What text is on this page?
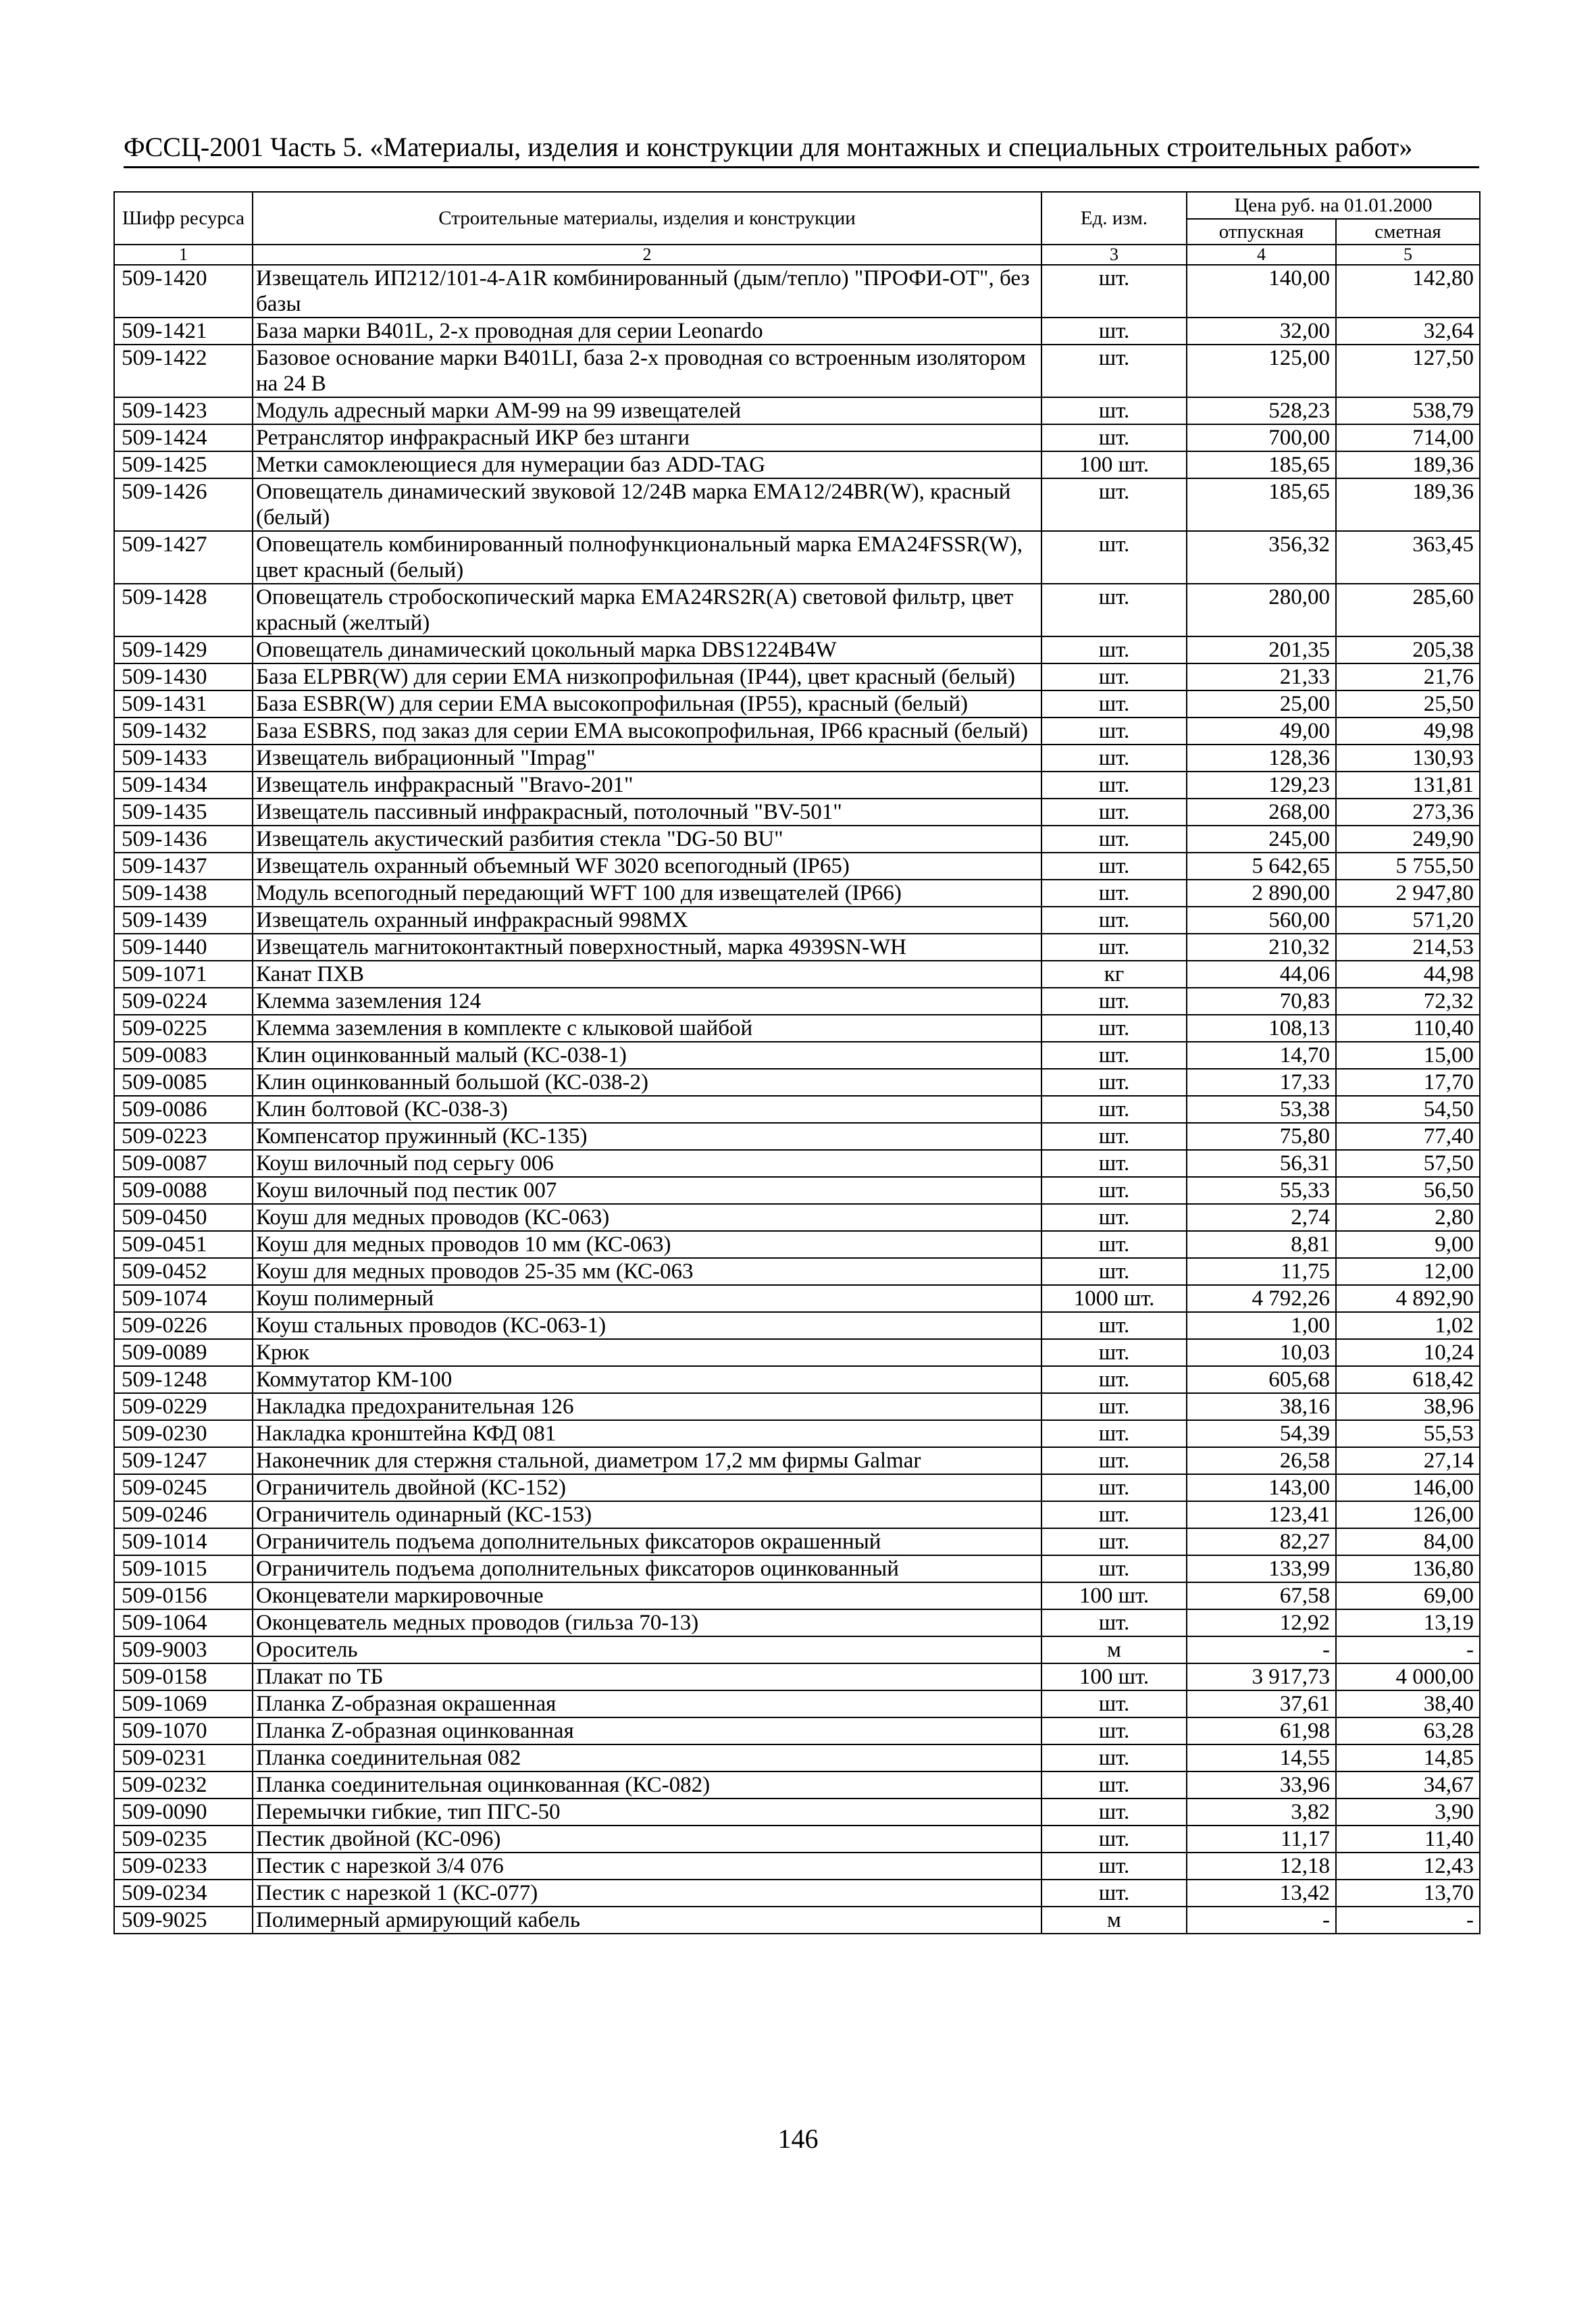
ФССЦ-2001 Часть 5. «Материалы, изделия и конструкции для монтажных и специальных строительных работ»
Шифр ресурса	Строительные материалы, изделия и конструкции	Ед. изм.	Цена руб. на 01.01.2000	
			отпускная	сметная
1	2	3	4	5
509-1420	Извещатель ИП212/101-4-A1R комбинированный (дым/тепло) "ПРОФИ-ОТ", без базы	шт.	140,00	142,80
509-1421	База марки B401L, 2-х проводная для серии Leonardo	шт.	32,00	32,64
509-1422	Базовое основание марки B401LI, база 2-х проводная со встроенным изолятором на 24 В	шт.	125,00	127,50
509-1423	Модуль адресный марки АМ-99 на 99 извещателей	шт.	528,23	538,79
509-1424	Ретранслятор инфракрасный ИКР без штанги	шт.	700,00	714,00
509-1425	Метки самоклеющиеся для нумерации баз ADD-TAG	100 шт.	185,65	189,36
509-1426	Оповещатель динамический звуковой 12/24В марка EMA12/24BR(W), красный (белый)	шт.	185,65	189,36
509-1427	Оповещатель комбинированный полнофункциональный марка EMA24FSSR(W), цвет красный (белый)	шт.	356,32	363,45
509-1428	Оповещатель стробоскопический марка EMA24RS2R(A) световой фильтр, цвет красный (желтый)	шт.	280,00	285,60
509-1429	Оповещатель динамический цокольный марка DBS1224B4W	шт.	201,35	205,38
509-1430	База ELPBR(W) для серии EMA низкопрофильная (IP44), цвет красный (белый)	шт.	21,33	21,76
509-1431	База ESBR(W) для серии EMA высокопрофильная (IP55), красный (белый)	шт.	25,00	25,50
509-1432	База ESBRS, под заказ для серии EMA высокопрофильная, IP66 красный (белый)	шт.	49,00	49,98
509-1433	Извещатель вибрационный "Impag"	шт.	128,36	130,93
509-1434	Извещатель инфракрасный "Bravo-201"	шт.	129,23	131,81
509-1435	Извещатель пассивный инфракрасный, потолочный "BV-501"	шт.	268,00	273,36
509-1436	Извещатель акустический разбития стекла "DG-50 BU"	шт.	245,00	249,90
509-1437	Извещатель охранный объемный WF 3020 всепогодный (IP65)	шт.	5 642,65	5 755,50
509-1438	Модуль всепогодный передающий WFT 100 для извещателей (IP66)	шт.	2 890,00	2 947,80
509-1439	Извещатель охранный инфракрасный 998MX	шт.	560,00	571,20
509-1440	Извещатель магнитоконтактный поверхностный, марка 4939SN-WH	шт.	210,32	214,53
509-1071	Канат ПХВ	кг	44,06	44,98
509-0224	Клемма заземления 124	шт.	70,83	72,32
509-0225	Клемма заземления в комплекте с клыковой шайбой	шт.	108,13	110,40
509-0083	Клин оцинкованный малый (КС-038-1)	шт.	14,70	15,00
509-0085	Клин оцинкованный большой (КС-038-2)	шт.	17,33	17,70
509-0086	Клин болтовой (КС-038-3)	шт.	53,38	54,50
509-0223	Компенсатор пружинный (КС-135)	шт.	75,80	77,40
509-0087	Коуш вилочный под серьгу 006	шт.	56,31	57,50
509-0088	Коуш вилочный под пестик 007	шт.	55,33	56,50
509-0450	Коуш для медных проводов (КС-063)	шт.	2,74	2,80
509-0451	Коуш для медных проводов 10 мм (КС-063)	шт.	8,81	9,00
509-0452	Коуш для медных проводов 25-35 мм (КС-063	шт.	11,75	12,00
509-1074	Коуш полимерный	1000 шт.	4 792,26	4 892,90
509-0226	Коуш стальных проводов (КС-063-1)	шт.	1,00	1,02
509-0089	Крюк	шт.	10,03	10,24
509-1248	Коммутатор КМ-100	шт.	605,68	618,42
509-0229	Накладка предохранительная 126	шт.	38,16	38,96
509-0230	Накладка кронштейна КФД 081	шт.	54,39	55,53
509-1247	Наконечник для стержня стальной, диаметром 17,2 мм фирмы Galmar	шт.	26,58	27,14
509-0245	Ограничитель двойной (КС-152)	шт.	143,00	146,00
509-0246	Ограничитель одинарный (КС-153)	шт.	123,41	126,00
509-1014	Ограничитель подъема дополнительных фиксаторов окрашенный	шт.	82,27	84,00
509-1015	Ограничитель подъема дополнительных фиксаторов оцинкованный	шт.	133,99	136,80
509-0156	Оконцеватели маркировочные	100 шт.	67,58	69,00
509-1064	Оконцеватель медных проводов (гильза 70-13)	шт.	12,92	13,19
509-9003	Ороситель	м	-	-
509-0158	Плакат по ТБ	100 шт.	3 917,73	4 000,00
509-1069	Планка Z-образная окрашенная	шт.	37,61	38,40
509-1070	Планка Z-образная оцинкованная	шт.	61,98	63,28
509-0231	Планка соединительная 082	шт.	14,55	14,85
509-0232	Планка соединительная оцинкованная (КС-082)	шт.	33,96	34,67
509-0090	Перемычки гибкие, тип ПГС-50	шт.	3,82	3,90
509-0235	Пестик двойной (КС-096)	шт.	11,17	11,40
509-0233	Пестик с нарезкой 3/4 076	шт.	12,18	12,43
509-0234	Пестик с нарезкой 1 (КС-077)	шт.	13,42	13,70
509-9025	Полимерный армирующий кабель	м	-	-
146
